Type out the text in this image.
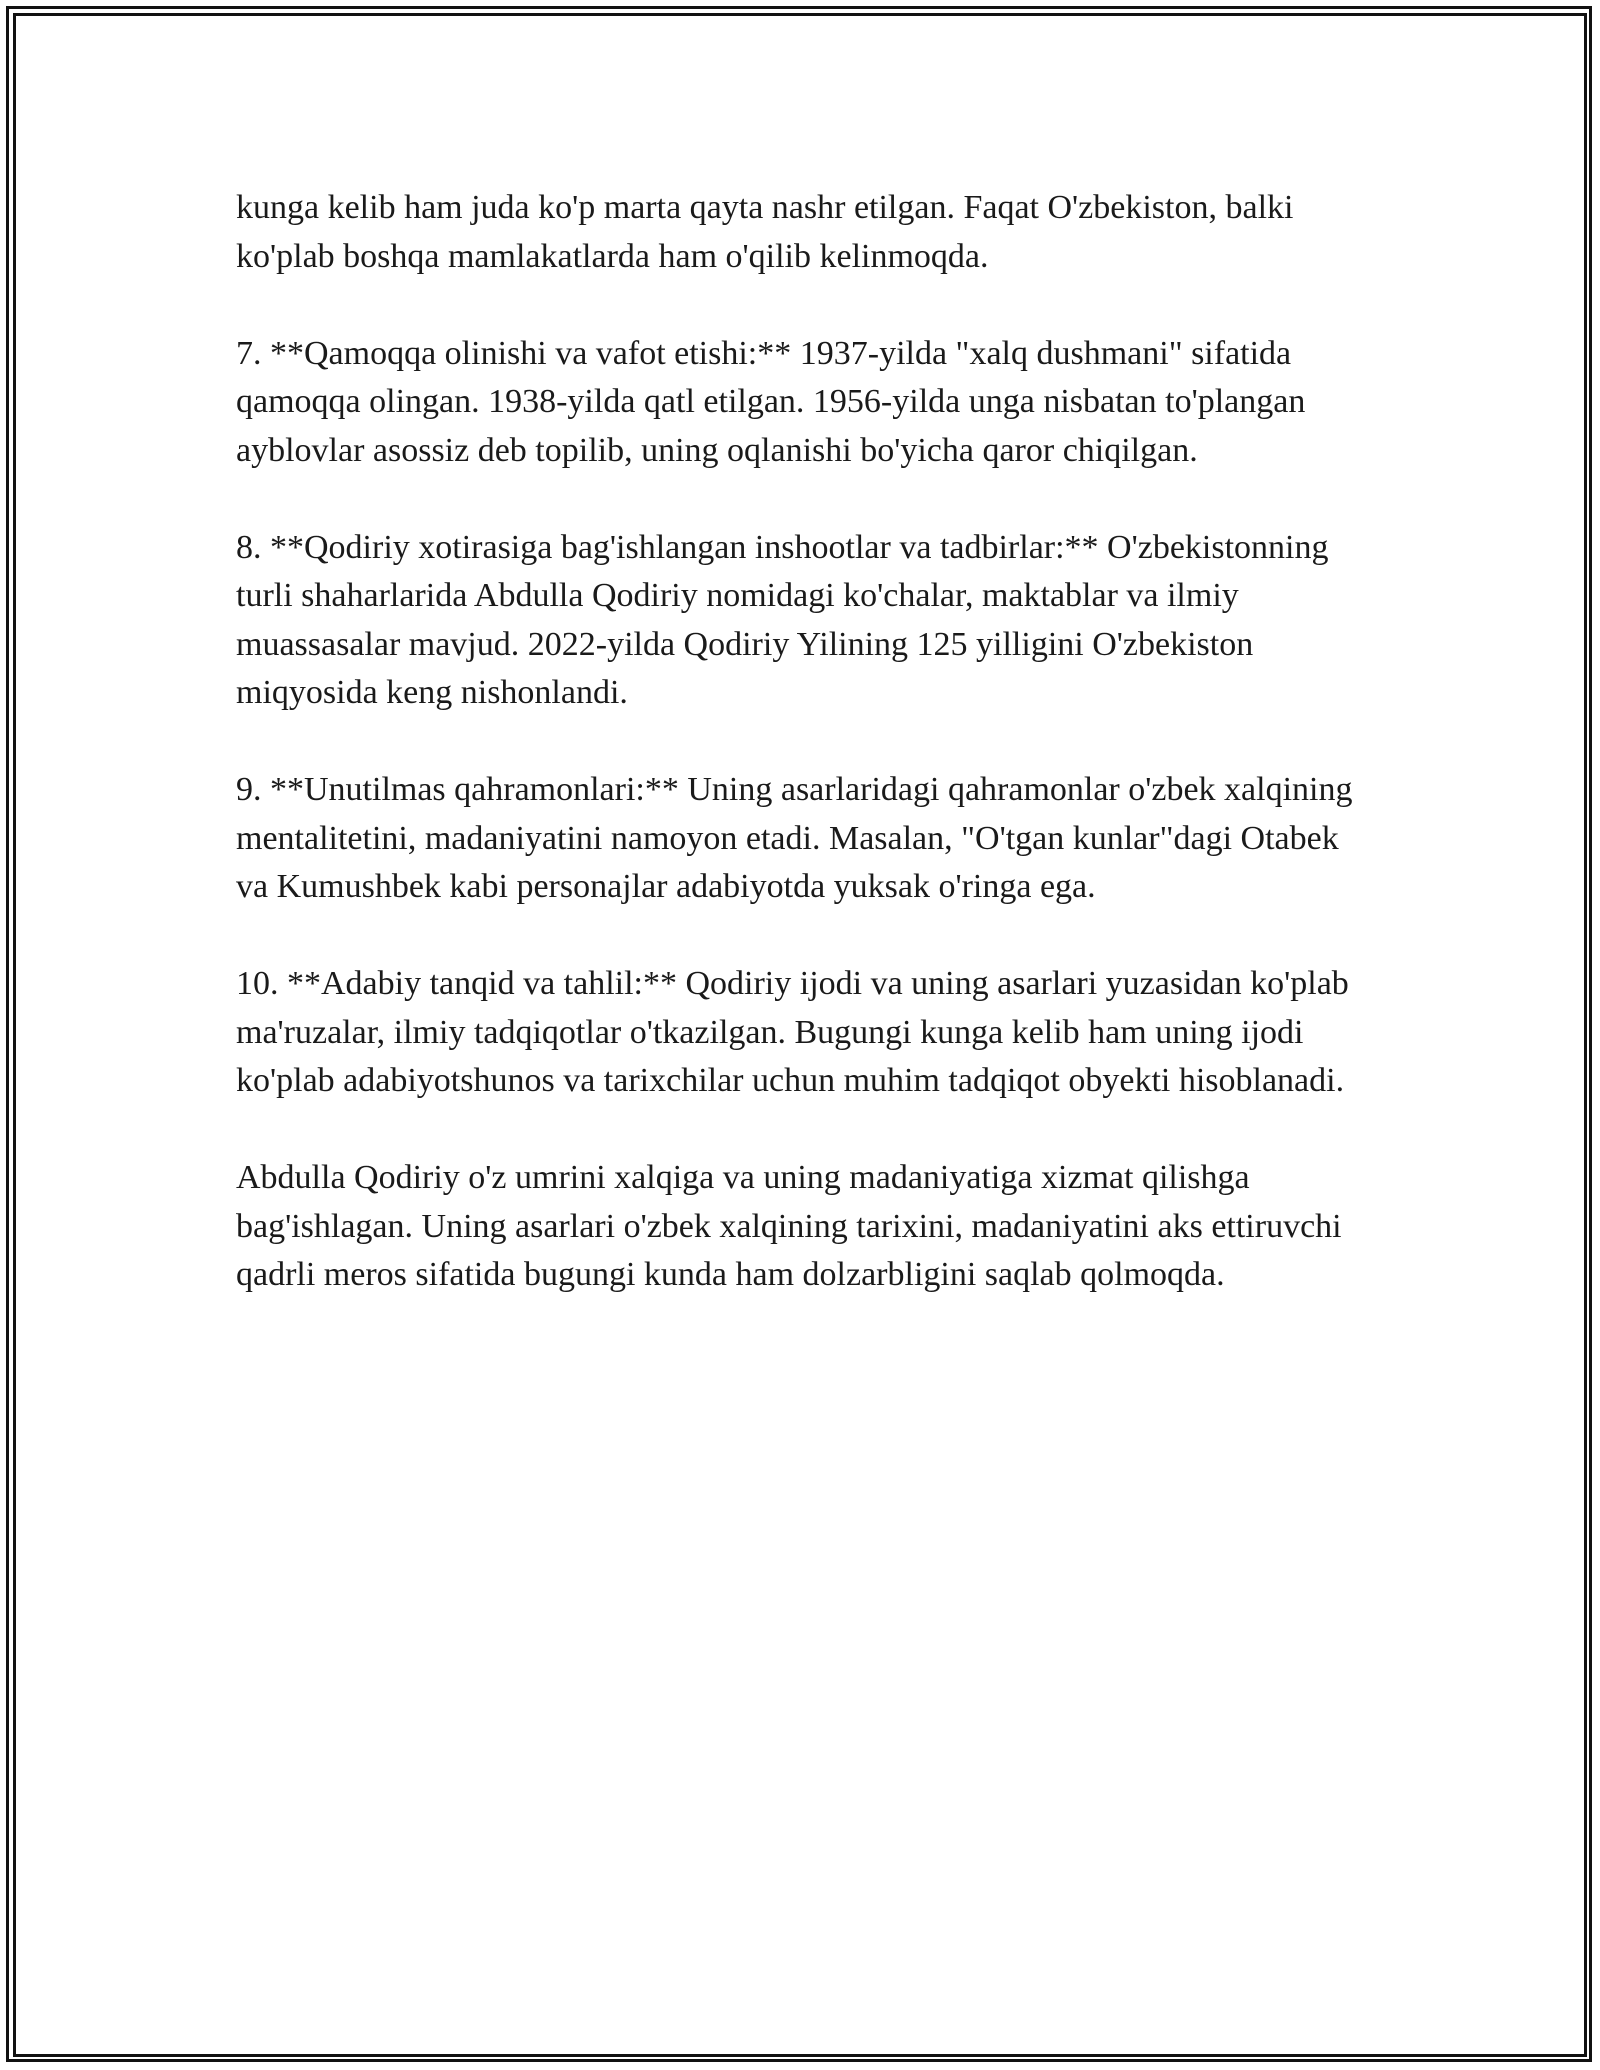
kunga kelib ham juda ko'p marta qayta nashr etilgan. Faqat O'zbekiston, balki ko'plab boshqa mamlakatlarda ham o'qilib kelinmoqda.

7. **Qamoqqa olinishi va vafot etishi:** 1937-yilda "xalq dushmani" sifatida qamoqqa olingan. 1938-yilda qatl etilgan. 1956-yilda unga nisbatan to'plangan ayblovlar asossiz deb topilib, uning oqlanishi bo'yicha qaror chiqilgan.

8. **Qodiriy xotirasiga bag'ishlangan inshootlar va tadbirlar:** O'zbekistonning turli shaharlarida Abdulla Qodiriy nomidagi ko'chalar, maktablar va ilmiy muassasalar mavjud. 2022-yilda Qodiriy Yilining 125 yilligini O'zbekiston miqyosida keng nishonlandi.

9. **Unutilmas qahramonlari:** Uning asarlaridagi qahramonlar o'zbek xalqining mentalitetini, madaniyatini namoyon etadi. Masalan, "O'tgan kunlar"dagi Otabek va Kumushbek kabi personajlar adabiyotda yuksak o'ringa ega.

10. **Adabiy tanqid va tahlil:** Qodiriy ijodi va uning asarlari yuzasidan ko'plab ma'ruzalar, ilmiy tadqiqotlar o'tkazilgan. Bugungi kunga kelib ham uning ijodi ko'plab adabiyotshunos va tarixchilar uchun muhim tadqiqot obyekti hisoblanadi.

Abdulla Qodiriy o'z umrini xalqiga va uning madaniyatiga xizmat qilishga bag'ishlagan. Uning asarlari o'zbek xalqining tarixini, madaniyatini aks ettiruvchi qadrli meros sifatida bugungi kunda ham dolzarbligini saqlab qolmoqda.
